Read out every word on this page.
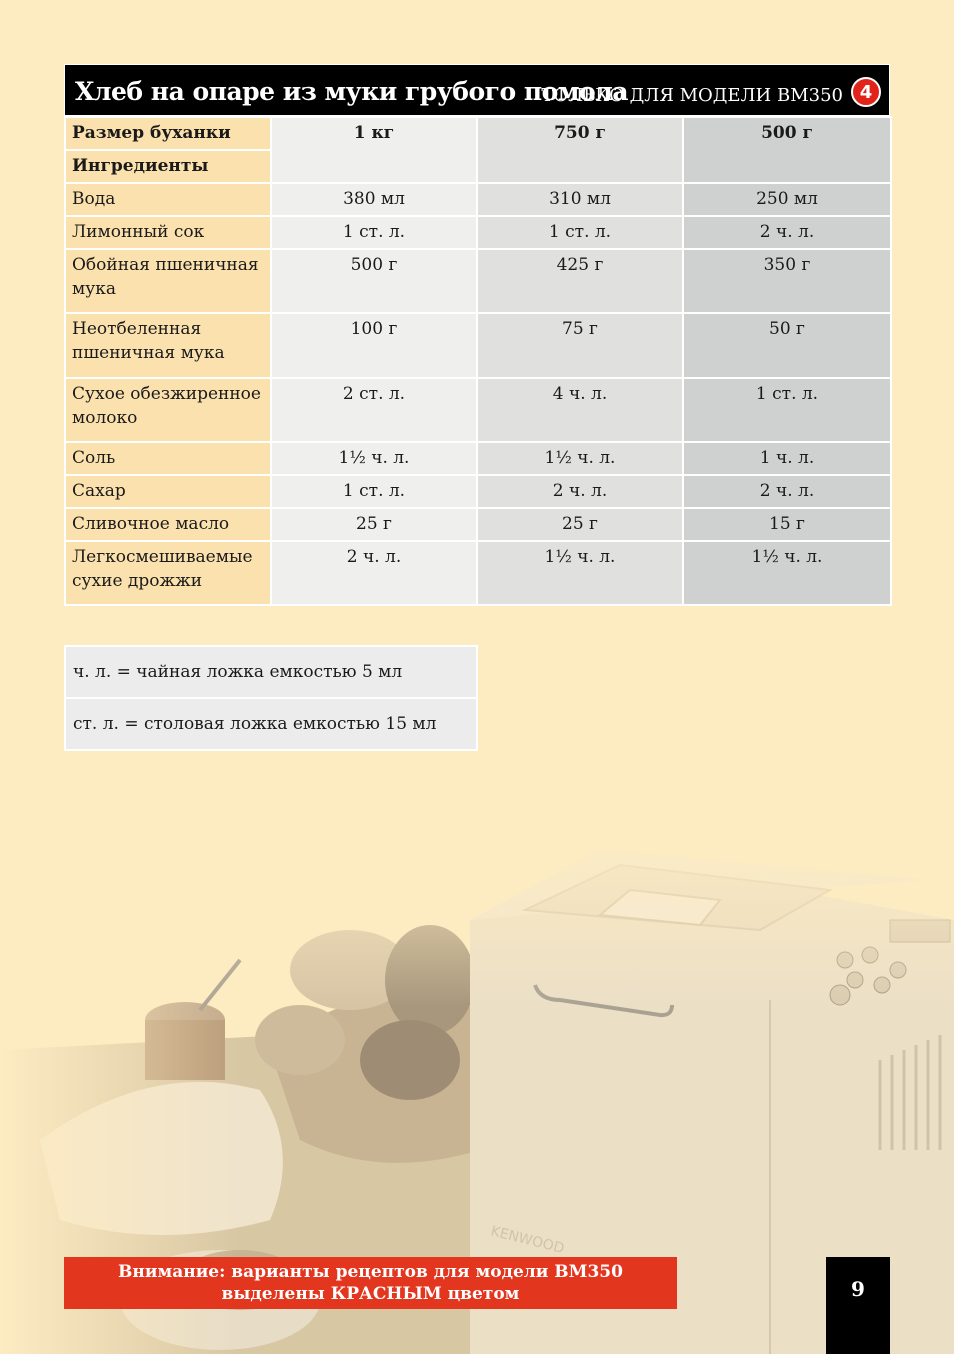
Хлеб на опаре из муки грубого помола
ТОЛЬКО ДЛЯ МОДЕЛИ BM350 4
Размер буханки	1 кг	750 г	500 г
Ингредиенты			
Вода	380 мл	310 мл	250 мл
Лимонный сок	1 ст. л.	1 ст. л.	2 ч. л.
Обойная пшеничная мука	500 г	425 г	350 г
Неотбеленная пшеничная мука	100 г	75 г	50 г
Сухое обезжиренное молоко	2 ст. л.	4 ч. л.	1 ст. л.
Соль	1½ ч. л.	1½ ч. л.	1 ч. л.
Сахар	1 ст. л.	2 ч. л.	2 ч. л.
Сливочное масло	25 г	25 г	15 г
Легкосмешиваемые сухие дрожжи	2 ч. л.	1½ ч. л.	1½ ч. л.
ч. л. = чайная ложка емкостью 5 мл
ст. л. = столовая ложка емкостью 15 мл
Внимание: варианты рецептов для модели BM350
выделены КРАСНЫМ цветом	9
